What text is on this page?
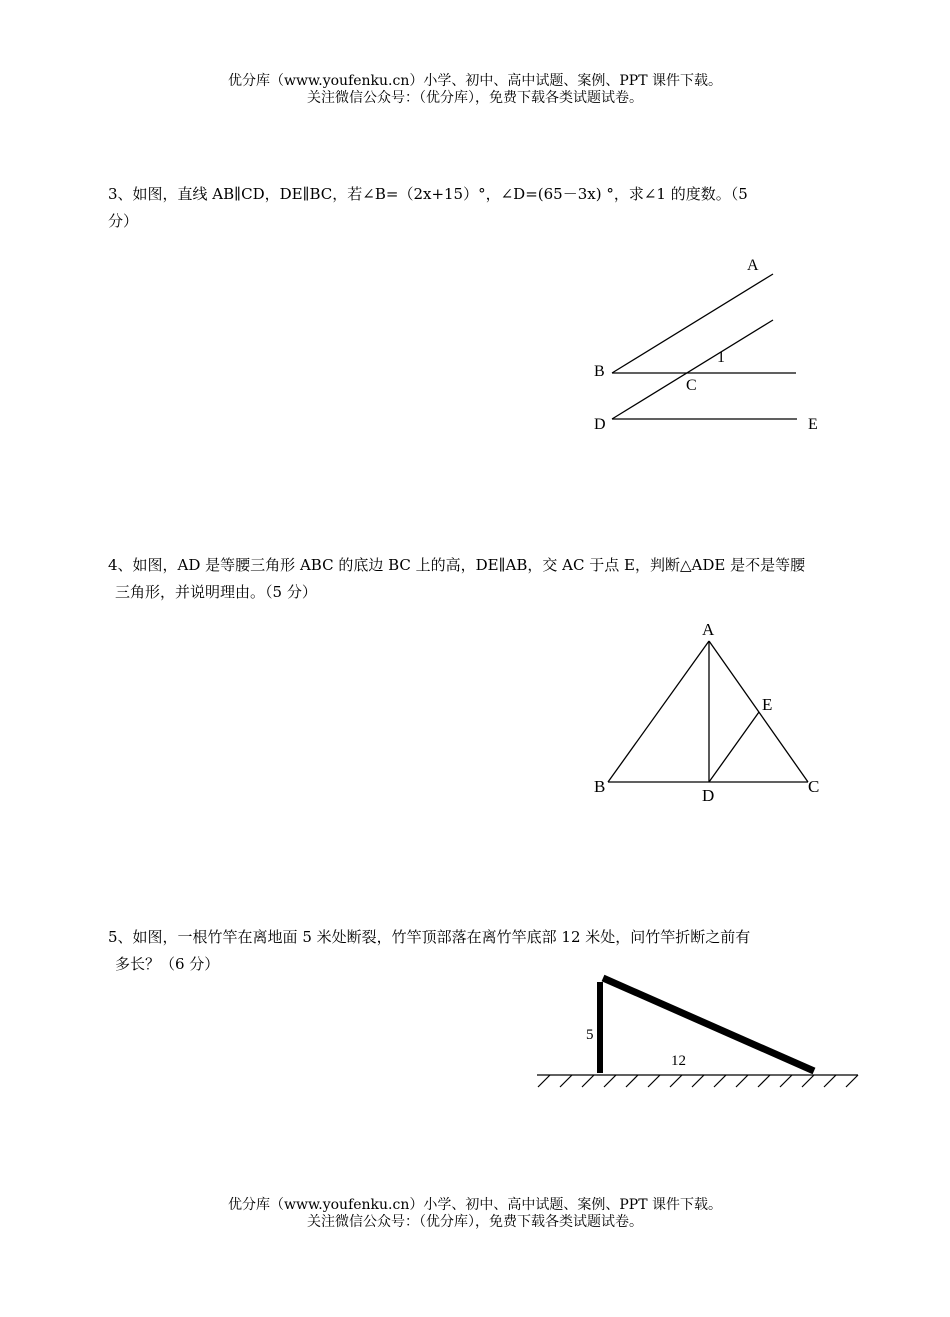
优分库（www.youfenku.cn）小学、初中、高中试题、案例、PPT 课件下载。
关注微信公众号：（优分库），免费下载各类试题试卷。
3、如图，直线 AB∥CD，DE∥BC，若∠B=（2x+15）°，∠D=(65－3x) °，求∠1 的度数。（5
分）
4、如图，AD 是等腰三角形 ABC 的底边 BC 上的高，DE∥AB，交 AC 于点 E，判断△ADE 是不是等腰
三角形，并说明理由。（5 分）
5、如图，一根竹竿在离地面 5 米处断裂，竹竿顶部落在离竹竿底部 12 米处，问竹竿折断之前有
多长？（6 分）
A
B
C
1
D	E
A
E
B	D	C
5
12
优分库（www.youfenku.cn）小学、初中、高中试题、案例、PPT 课件下载。
关注微信公众号：（优分库），免费下载各类试题试卷。
